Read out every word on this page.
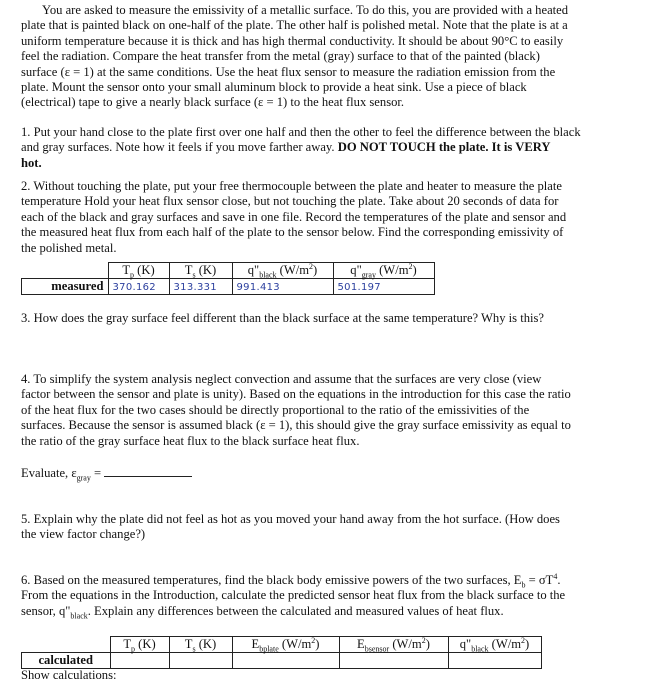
You are asked to measure the emissivity of a metallic surface. To do this, you are provided with a heated

plate that is painted black on one-half of the plate. The other half is polished metal. Note that the plate is at a

uniform temperature because it is thick and has high thermal conductivity. It should be about 90°C to easily

feel the radiation. Compare the heat transfer from the metal (gray) surface to that of the painted (black)

surface (ε = 1) at the same conditions. Use the heat flux sensor to measure the radiation emission from the

plate. Mount the sensor onto your small aluminum block to provide a heat sink. Use a piece of black

(electrical) tape to give a nearly black surface (ε = 1) to the heat flux sensor.

1. Put your hand close to the plate first over one half and then the other to feel the difference between the black

and gray surfaces. Note how it feels if you move farther away. DO NOT TOUCH the plate. It is VERY

hot.

2. Without touching the plate, put your free thermocouple between the plate and heater to measure the plate

temperature Hold your heat flux sensor close, but not touching the plate. Take about 20 seconds of data for

each of the black and gray surfaces and save in one file. Record the temperatures of the plate and sensor and

the measured heat flux from each half of the plate to the sensor below. Find the corresponding emissivity of

the polished metal.

	$T_p$ (K)	$T_s$ (K)	$q"_{black}$ $(W/m^2)$	$q"_{gray}$ $(W/m^2)$
measured	370.162	313.331	991.413	501.197

3. How does the gray surface feel different than the black surface at the same temperature? Why is this?

4. To simplify the system analysis neglect convection and assume that the surfaces are very close (view

factor between the sensor and plate is unity). Based on the equations in the introduction for this case the ratio

of the heat flux for the two cases should be directly proportional to the ratio of the emissivities of the

surfaces. Because the sensor is assumed black (ε = 1), this should give the gray surface emissivity as equal to

the ratio of the gray surface heat flux to the black surface heat flux.

Evaluate, $\varepsilon_{gray}$ =

5. Explain why the plate did not feel as hot as you moved your hand away from the hot surface. (How does

the view factor change?)

6. Based on the measured temperatures, find the black body emissive powers of the two surfaces, $E_b = \sigma T^4$.

From the equations in the Introduction, calculate the predicted sensor heat flux from the black surface to the

sensor, $q"_{black}$. Explain any differences between the calculated and measured values of heat flux.

	$T_p$ (K)	$T_s$ (K)	$E_{bplate}$ $(W/m^2)$	$E_{bsensor}$ $(W/m^2)$	$q"_{black}$ $(W/m^2)$
calculated					

Show calculations:
